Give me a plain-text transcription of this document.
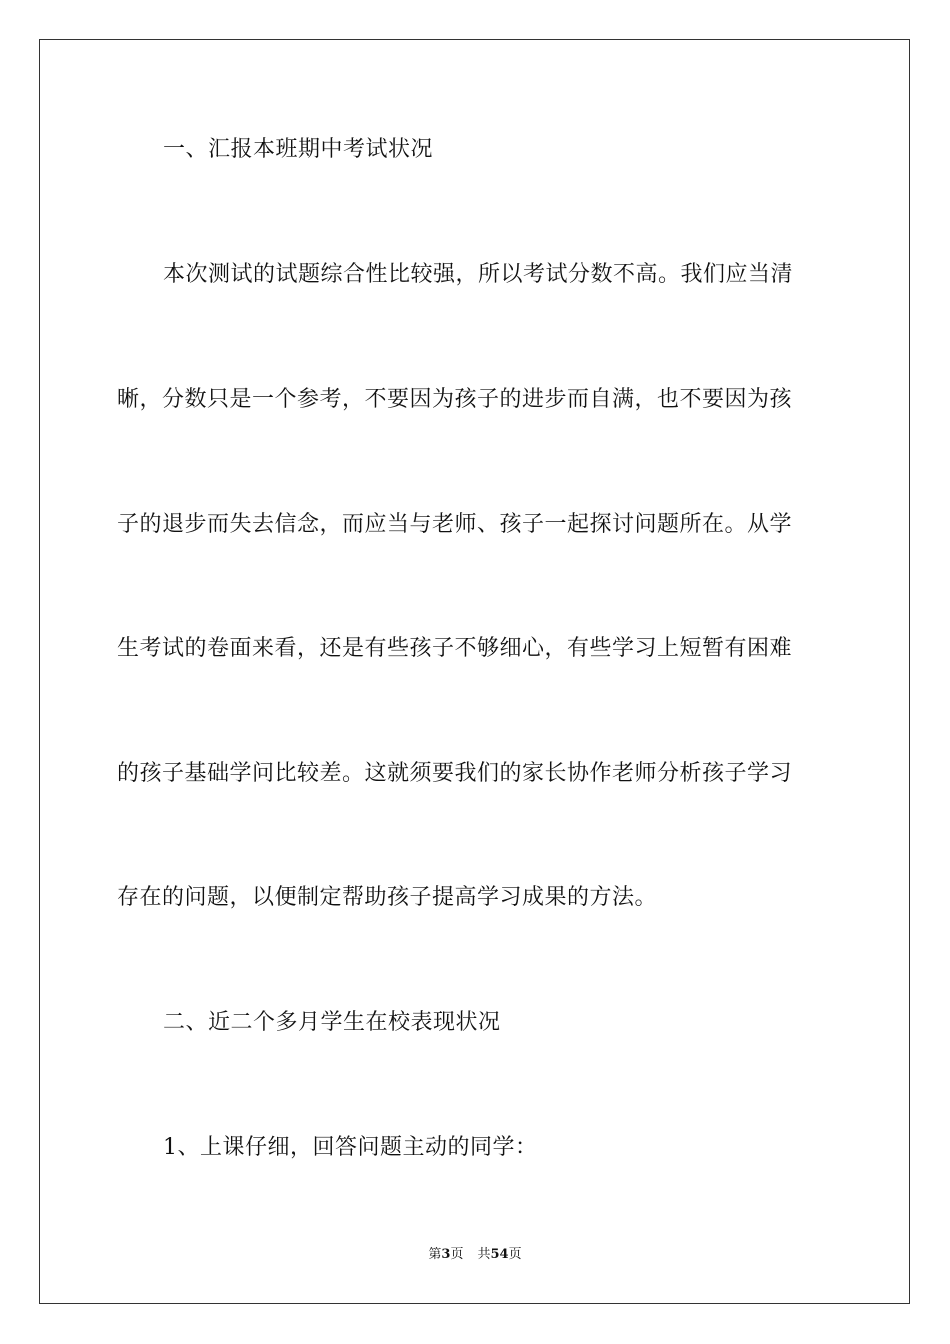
一、汇报本班期中考试状况
本次测试的试题综合性比较强，所以考试分数不高。我们应当清
晰，分数只是一个参考，不要因为孩子的进步而自满，也不要因为孩
子的退步而失去信念，而应当与老师、孩子一起探讨问题所在。从学
生考试的卷面来看，还是有些孩子不够细心，有些学习上短暂有困难
的孩子基础学问比较差。这就须要我们的家长协作老师分析孩子学习
存在的问题，以便制定帮助孩子提高学习成果的方法。
二、近二个多月学生在校表现状况
1、上课仔细，回答问题主动的同学：
第3页 共54页
